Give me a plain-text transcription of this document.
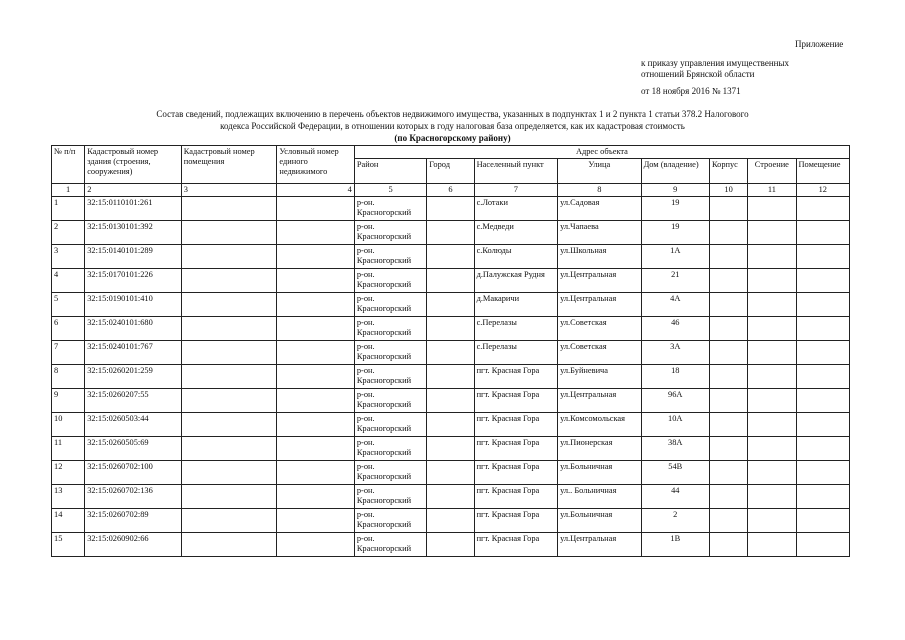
Приложение
к приказу управления имущественных
отношений Брянской области
от 18 ноября 2016 № 1371
Состав сведений, подлежащих включению в перечень объектов недвижимого имущества, указанных в подпунктах 1 и 2 пункта 1 статьи 378.2 Налогового
кодекса Российской Федерации, в отношении которых в году налоговая база определяется, как их кадастровая стоимость
(по Красногорскому району)
№ п/п	Кадастровый номер здания (строения, сооружения)	Кадастровый номер помещения	Условный номер единого недвижимого	Адрес объекта							
				Район	Город	Населенный пункт	Улица	Дом (владение)	Корпус	Строение	Помещение
1	2	3	4	5	6	7	8	9	10	11	12
1	32:15:0110101:261			р-он. Красногорский		с.Лотаки	ул.Садовая	19			
2	32:15:0130101:392			р-он. Красногорский		с.Медведи	ул.Чапаева	19			
3	32:15:0140101:289			р-он. Красногорский		с.Колюды	ул.Школьная	1А			
4	32:15:0170101:226			р-он. Красногорский		д.Палужская Рудня	ул.Центральная	21			
5	32:15:0190101:410			р-он. Красногорский		д.Макаричи	ул.Центральная	4А			
6	32:15:0240101:680			р-он. Красногорский		с.Перелазы	ул.Советская	46			
7	32:15:0240101:767			р-он. Красногорский		с.Перелазы	ул.Советская	3А			
8	32:15:0260201:259			р-он. Красногорский		пгт. Красная Гора	ул.Буйневича	18			
9	32:15:0260207:55			р-он. Красногорский		пгт. Красная Гора	ул.Центральная	96А			
10	32:15:0260503:44			р-он. Красногорский		пгт. Красная Гора	ул.Комсомольская	10А			
11	32:15:0260505:69			р-он. Красногорский		пгт. Красная Гора	ул.Пионерская	38А			
12	32:15:0260702:100			р-он. Красногорский		пгт. Красная Гора	ул.Больничная	54В			
13	32:15:0260702:136			р-он. Красногорский		пгт. Красная Гора	ул.. Больничная	44			
14	32:15:0260702:89			р-он. Красногорский		пгт. Красная Гора	ул.Больничная	2			
15	32:15:0260902:66			р-он. Красногорский		пгт. Красная Гора	ул.Центральная	1В			
